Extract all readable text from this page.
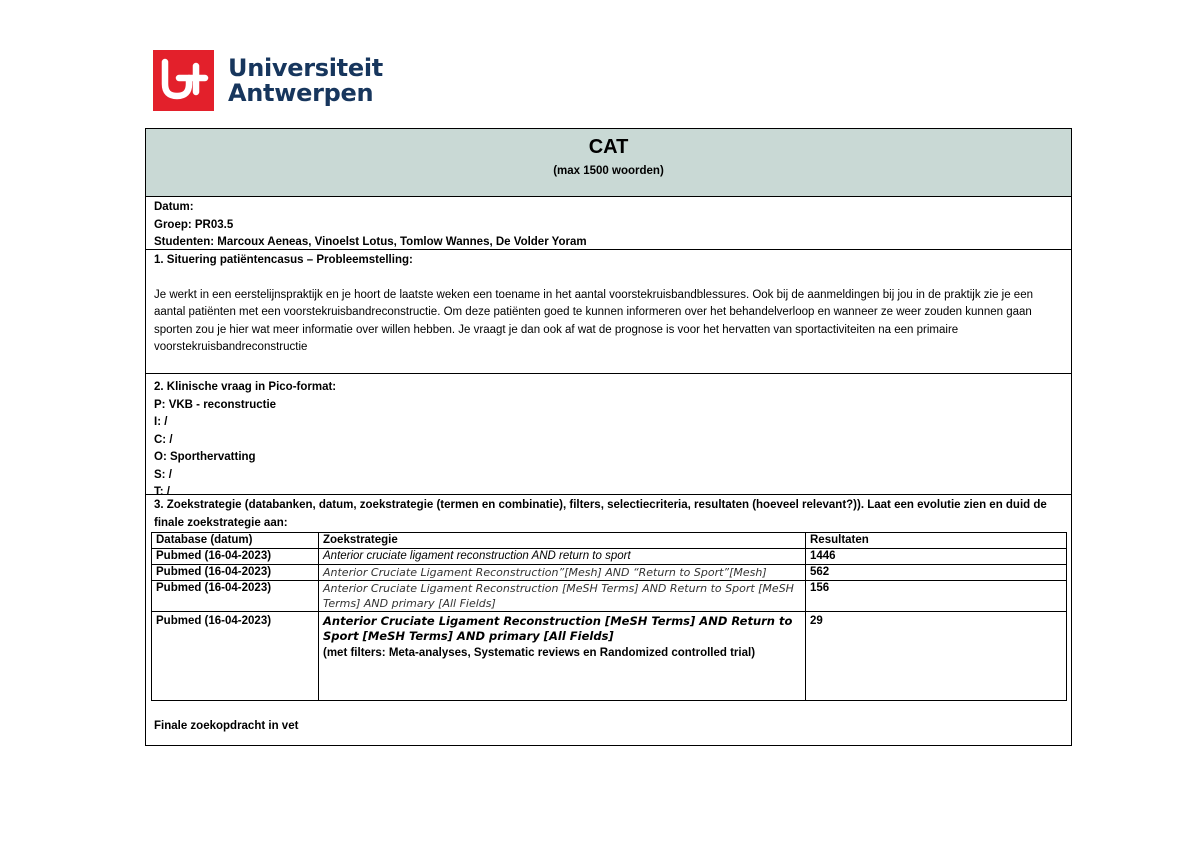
Universiteit
Antwerpen
CAT
(max 1500 woorden)
Datum:
Groep: PR03.5
Studenten: Marcoux Aeneas, Vinoelst Lotus, Tomlow Wannes, De Volder Yoram
1. Situering patiëntencasus – Probleemstelling:
Je werkt in een eerstelijnspraktijk en je hoort de laatste weken een toename in het aantal voorstekruisbandblessures. Ook bij de aanmeldingen bij jou in de praktijk zie je een aantal patiënten met een voorstekruisbandreconstructie. Om deze patiënten goed te kunnen informeren over het behandelverloop en wanneer ze weer zouden kunnen gaan sporten zou je hier wat meer informatie over willen hebben. Je vraagt je dan ook af wat de prognose is voor het hervatten van sportactiviteiten na een primaire voorstekruisbandreconstructie
2. Klinische vraag in Pico-format:
P: VKB - reconstructie
I: /
C: /
O: Sporthervatting
S: /
T: /
3. Zoekstrategie (databanken, datum, zoekstrategie (termen en combinatie), filters, selectiecriteria, resultaten (hoeveel relevant?)). Laat een evolutie zien en duid de finale zoekstrategie aan:
Database (datum)	Zoekstrategie	Resultaten
Pubmed (16-04-2023)	Anterior cruciate ligament reconstruction AND return to sport	1446
Pubmed (16-04-2023)	Anterior Cruciate Ligament Reconstruction”[Mesh] AND “Return to Sport”[Mesh]	562
Pubmed (16-04-2023)	Anterior Cruciate Ligament Reconstruction [MeSH Terms] AND Return to Sport [MeSH Terms] AND primary [All Fields]	156
Pubmed (16-04-2023)	Anterior Cruciate Ligament Reconstruction [MeSH Terms] AND Return to Sport [MeSH Terms] AND primary [All Fields]
(met filters: Meta-analyses, Systematic reviews en Randomized controlled trial)	29
Finale zoekopdracht in vet
